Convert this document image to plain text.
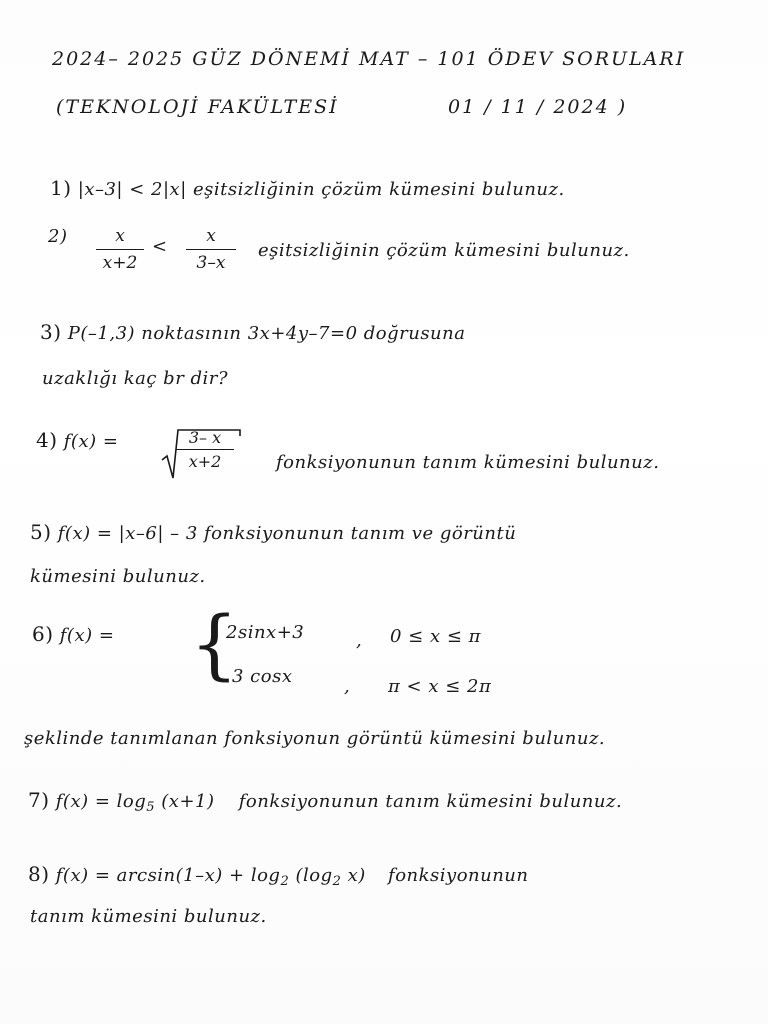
2024– 2025 GÜZ DÖNEMİ MAT – 101 ÖDEV SORULARI
(TEKNOLOJİ FAKÜLTESİ	01 / 11 / 2024 )
1) |x–3| < 2|x| eşitsizliğinin çözüm kümesini bulunuz.
2)	x
x+2
< x
3–x
eşitsizliğinin çözüm kümesini bulunuz.
3) P(–1,3) noktasının 3x+4y–7=0 doğrusuna
uzaklığı kaç br dir?
4) f(x) =	3– x
x+2	fonksiyonunun tanım kümesini bulunuz.
5) f(x) = |x–6| – 3 fonksiyonunun tanım ve görüntü
kümesini bulunuz.
6) f(x) = {
2sinx+3	, 0 ≤ x ≤ π
3 cosx	, π < x ≤ 2π
şeklinde tanımlanan fonksiyonun görüntü kümesini bulunuz.
7) $f(x) = \log_5 (x+1)$ fonksiyonunun tanım kümesini bulunuz.
8) $f(x) = \arcsin(1-x) + \log_2 (\log_2$ x) fonksiyonunun
tanım kümesini bulunuz.
